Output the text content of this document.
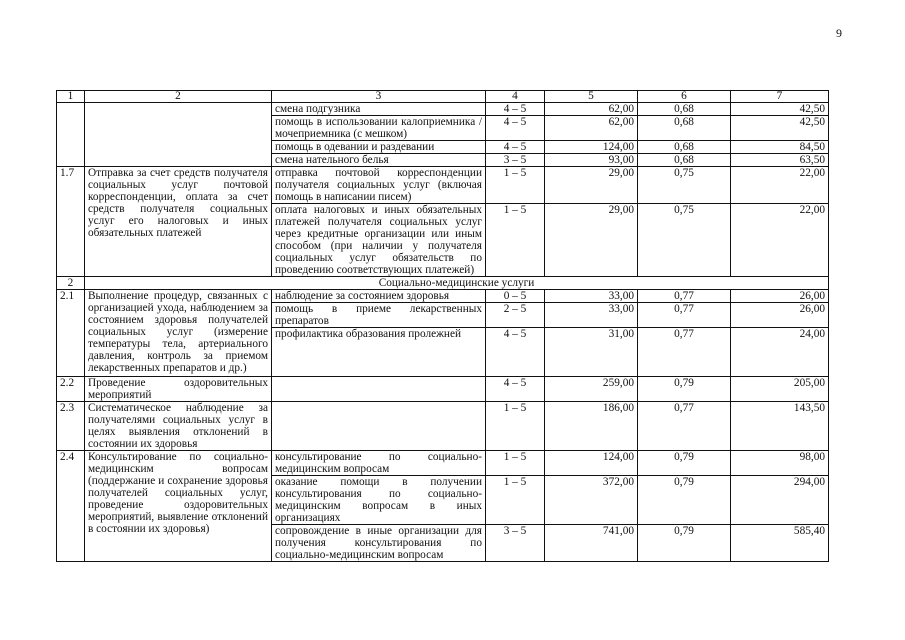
9
1	2	3	4	5	6	7
		смена подгузника	4 – 5	62,00	0,68	42,50
		помощь в использовании калоприемника / мочеприемника (с мешком)	4 – 5	62,00	0,68	42,50
		помощь в одевании и раздевании	4 – 5	124,00	0,68	84,50
		смена нательного белья	3 – 5	93,00	0,68	63,50
1.7	Отправка за счет средств получателя социальных услуг почтовой корреспонденции, оплата за счет средств получателя социальных услуг его налоговых и иных обязательных платежей	отправка почтовой корреспонденции получателя социальных услуг (включая помощь в написании писем)	1 – 5	29,00	0,75	22,00
		оплата налоговых и иных обязательных платежей получателя социальных услуг через кредитные организации или иным способом (при наличии у получателя социальных услуг обязательств по проведению соответствующих платежей)	1 – 5	29,00	0,75	22,00
2	Социально-медицинские услуги					
2.1	Выполнение процедур, связанных с организацией ухода, наблюдением за состоянием здоровья получателей социальных услуг (измерение температуры тела, артериального давления, контроль за приемом лекарственных препаратов и др.)	наблюдение за состоянием здоровья	0 – 5	33,00	0,77	26,00
		помощь в приеме лекарственных препаратов	2 – 5	33,00	0,77	26,00
		профилактика образования пролежней	4 – 5	31,00	0,77	24,00
2.2	Проведение оздоровительных мероприятий		4 – 5	259,00	0,79	205,00
2.3	Систематическое наблюдение за получателями социальных услуг в целях выявления отклонений в состоянии их здоровья		1 – 5	186,00	0,77	143,50
2.4	Консультирование по социально-медицинским вопросам (поддержание и сохранение здоровья получателей социальных услуг, проведение оздоровительных мероприятий, выявление отклонений в состоянии их здоровья)	консультирование по социально-медицинским вопросам	1 – 5	124,00	0,79	98,00
		оказание помощи в получении консультирования по социально-медицинским вопросам в иных организациях	1 – 5	372,00	0,79	294,00
		сопровождение в иные организации для получения консультирования по социально-медицинским вопросам	3 – 5	741,00	0,79	585,40
